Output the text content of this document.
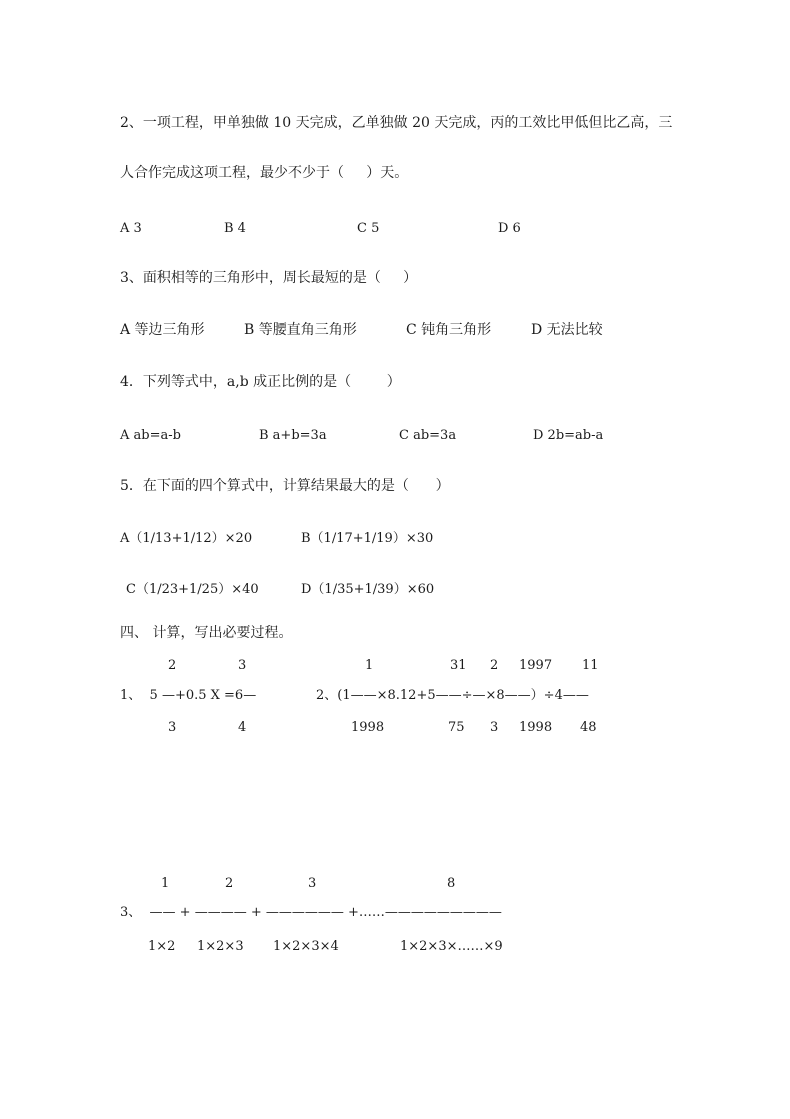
2、一项工程，甲单独做 10 天完成，乙单独做 20 天完成，丙的工效比甲低但比乙高，三
人合作完成这项工程，最少不少于（     ）天。
A 3	B 4	C 5	D 6
3、面积相等的三角形中，周长最短的是（     ）
A 等边三角形	B 等腰直角三角形	C 钝角三角形	D 无法比较
4．下列等式中，a,b 成正比例的是（        ）
A ab=a-b	B a+b=3a	C ab=3a	D 2b=ab-a
5．在下面的四个算式中，计算结果最大的是（      ）
A（1/13+1/12）×20	B（1/17+1/19）×30
C（1/23+1/25）×40	D（1/35+1/39）×60
四、 计算，写出必要过程。
2	3	1	31 2 1997 11
1、  5 —+0.5 X =6—	2、(1——×8.12+5——÷—×8——）÷4——
3	4	1998	75 3 1998 48
1	2	3	8
3、  —— + ———— + —————— +……—————————
1×2 1×2×3 1×2×3×4	1×2×3×……×9
